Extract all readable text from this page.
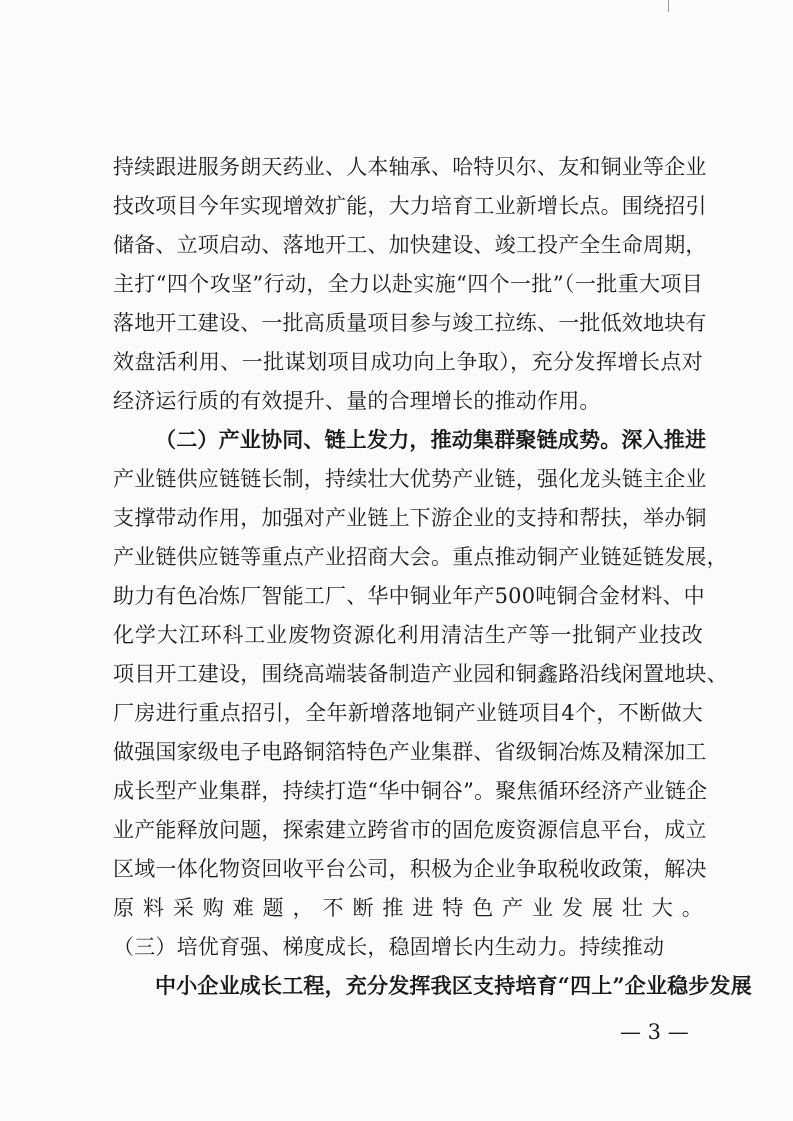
持续跟进服务朗天药业、人本轴承、哈特贝尔、友和铜业等企业
技改项目今年实现增效扩能，大力培育工业新增长点。围绕招引
储备、立项启动、落地开工、加快建设、竣工投产全生命周期，
主打“四个攻坚”行动，全力以赴实施“四个一批”（一批重大项目
落地开工建设、一批高质量项目参与竣工拉练、一批低效地块有
效盘活利用、一批谋划项目成功向上争取），充分发挥增长点对
经济运行质的有效提升、量的合理增长的推动作用。
（二）产业协同、链上发力，推动集群聚链成势。深入推进
产业链供应链链长制，持续壮大优势产业链，强化龙头链主企业
支撑带动作用，加强对产业链上下游企业的支持和帮扶，举办铜
产业链供应链等重点产业招商大会。重点推动铜产业链延链发展，
助力有色冶炼厂智能工厂、华中铜业年产500吨铜合金材料、中
化学大江环科工业废物资源化利用清洁生产等一批铜产业技改
项目开工建设，围绕高端装备制造产业园和铜鑫路沿线闲置地块、
厂房进行重点招引，全年新增落地铜产业链项目4个，不断做大
做强国家级电子电路铜箔特色产业集群、省级铜冶炼及精深加工
成长型产业集群，持续打造“华中铜谷”。聚焦循环经济产业链企
业产能释放问题，探索建立跨省市的固危废资源信息平台，成立
区域一体化物资回收平台公司，积极为企业争取税收政策，解决
原料采购难题，不断推进特色产业发展壮大。
（三）培优育强、梯度成长，稳固增长内生动力。持续推动
中小企业成长工程，充分发挥我区支持培育“四上”企业稳步发展
— 3 —
